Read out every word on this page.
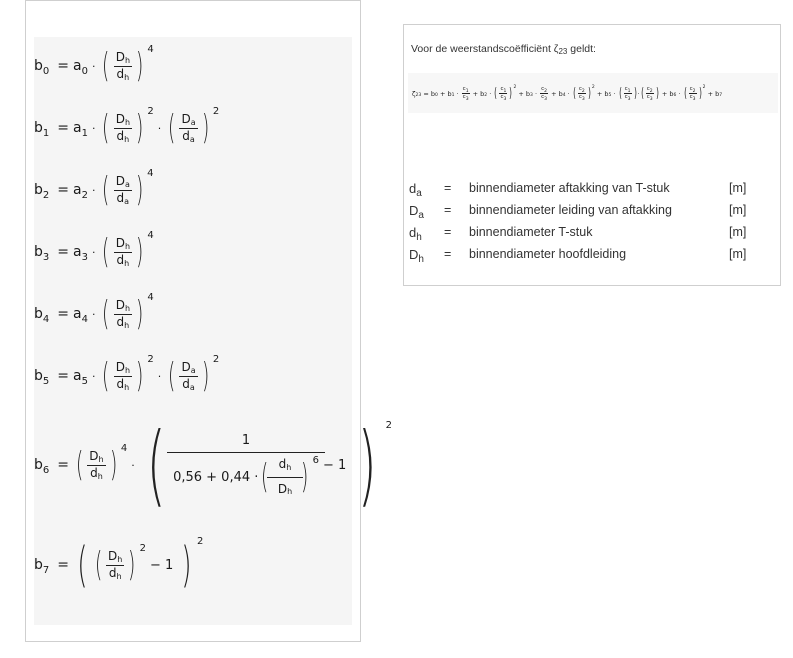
b 0 = a 0 · ( $\frac{Dh}{dh}$ ) 4
b 1 = a 1 · ( $\frac{Dh}{dh}$ ) 2
· ( $\frac{Da}{da}$ ) 2
b 2 = a 2 · ( $\frac{Da}{da}$ ) 4
b 3 = a 3 · ( $\frac{Dh}{dh}$ ) 4
b 4 = a 4 · ( $\frac{Dh}{dh}$ ) 4
b 5 = a 5 · ( $\frac{Dh}{dh}$ ) 2
· ( $\frac{Da}{da}$ ) 2
b 6 = ( $\frac{Dh}{dh}$ ) 4
· (	1
0,56 + 0,44 · ( $\frac{dh}{\text{D h}}$ ) 6 − 1 ) 2
b 7 = ( ( $\frac{Dh}{dh}$ ) 2
− 1 ) 2
Voor de weerstandscoëfficiënt ζ23 geldt:
ζ 23
= b 0
+ b 1 ·
$c_1$
$c_3$

+ b 2 · ( $c_1$
$c_3$ ) 2

+ b 3 ·
$c_2$
$c_3$

+ b 4 · ( $c_2$
$c_3$ ) 2

+ b 5 · ( $c_1$
$c_3$ ) · ( $c_2$
$c_3$ )
+ b 6 · ( $c_2$
$c_3$ ) 2

+ b 7
$d_a$	=	binnendiameter aftakking van T-stuk	[m]
$D_a$	=	binnendiameter leiding van aftakking	[m]
$d_h$	=	binnendiameter T-stuk	[m]
$D_h$	=	binnendiameter hoofdleiding	[m]
